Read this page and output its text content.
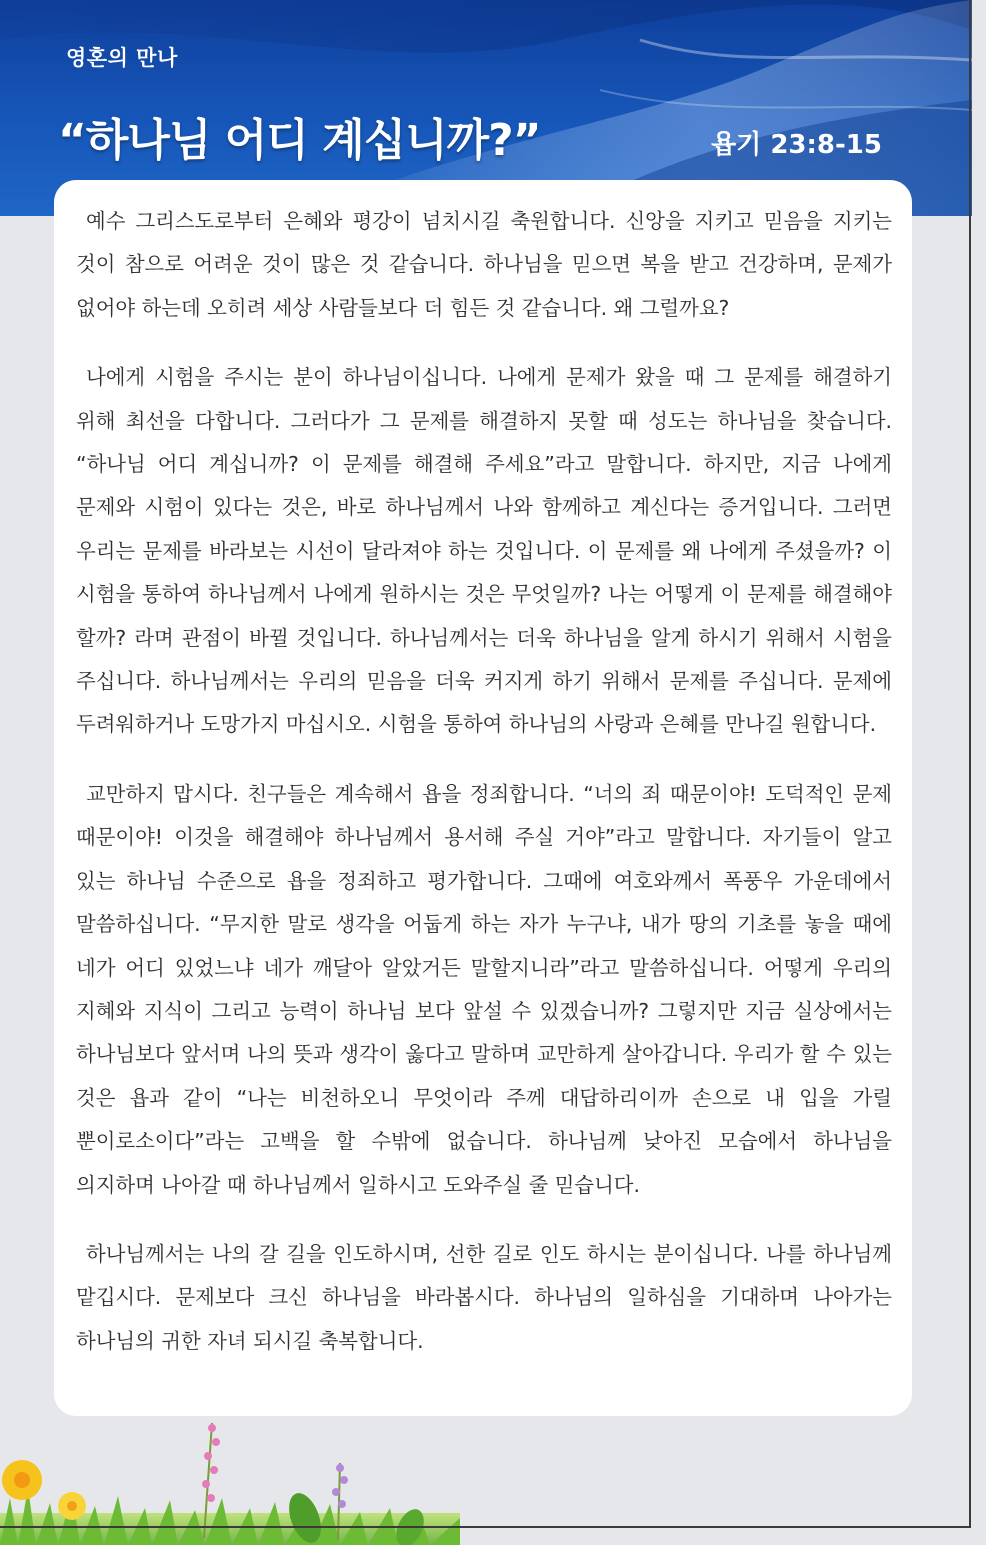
영혼의 만나
“하나님 어디 계십니까?”	욥기 23:8-15

예수 그리스도로부터 은혜와 평강이 넘치시길 축원합니다. 신앙을 지키고 믿음을 지키는 것이 참으로 어려운 것이 많은 것 같습니다. 하나님을 믿으면 복을 받고 건강하며, 문제가 없어야 하는데 오히려 세상 사람들보다 더 힘든 것 같습니다. 왜 그럴까요?

나에게 시험을 주시는 분이 하나님이십니다. 나에게 문제가 왔을 때 그 문제를 해결하기 위해 최선을 다합니다. 그러다가 그 문제를 해결하지 못할 때 성도는 하나님을 찾습니다. “하나님 어디 계십니까? 이 문제를 해결해 주세요”라고 말합니다. 하지만, 지금 나에게 문제와 시험이 있다는 것은, 바로 하나님께서 나와 함께하고 계신다는 증거입니다. 그러면 우리는 문제를 바라보는 시선이 달라져야 하는 것입니다. 이 문제를 왜 나에게 주셨을까? 이 시험을 통하여 하나님께서 나에게 원하시는 것은 무엇일까? 나는 어떻게 이 문제를 해결해야 할까? 라며 관점이 바뀔 것입니다. 하나님께서는 더욱 하나님을 알게 하시기 위해서 시험을 주십니다. 하나님께서는 우리의 믿음을 더욱 커지게 하기 위해서 문제를 주십니다. 문제에 두려워하거나 도망가지 마십시오. 시험을 통하여 하나님의 사랑과 은혜를 만나길 원합니다.

교만하지 맙시다. 친구들은 계속해서 욥을 정죄합니다. “너의 죄 때문이야! 도덕적인 문제 때문이야! 이것을 해결해야 하나님께서 용서해 주실 거야”라고 말합니다. 자기들이 알고 있는 하나님 수준으로 욥을 정죄하고 평가합니다. 그때에 여호와께서 폭풍우 가운데에서 말씀하십니다. “무지한 말로 생각을 어둡게 하는 자가 누구냐, 내가 땅의 기초를 놓을 때에 네가 어디 있었느냐 네가 깨달아 알았거든 말할지니라”라고 말씀하십니다. 어떻게 우리의 지혜와 지식이 그리고 능력이 하나님 보다 앞설 수 있겠습니까? 그렇지만 지금 실상에서는 하나님보다 앞서며 나의 뜻과 생각이 옳다고 말하며 교만하게 살아갑니다. 우리가 할 수 있는 것은 욥과 같이 “나는 비천하오니 무엇이라 주께 대답하리이까 손으로 내 입을 가릴 뿐이로소이다”라는 고백을 할 수밖에 없습니다. 하나님께 낮아진 모습에서 하나님을 의지하며 나아갈 때 하나님께서 일하시고 도와주실 줄 믿습니다.

하나님께서는 나의 갈 길을 인도하시며, 선한 길로 인도 하시는 분이십니다. 나를 하나님께 맡깁시다. 문제보다 크신 하나님을 바라봅시다. 하나님의 일하심을 기대하며 나아가는 하나님의 귀한 자녀 되시길 축복합니다.
